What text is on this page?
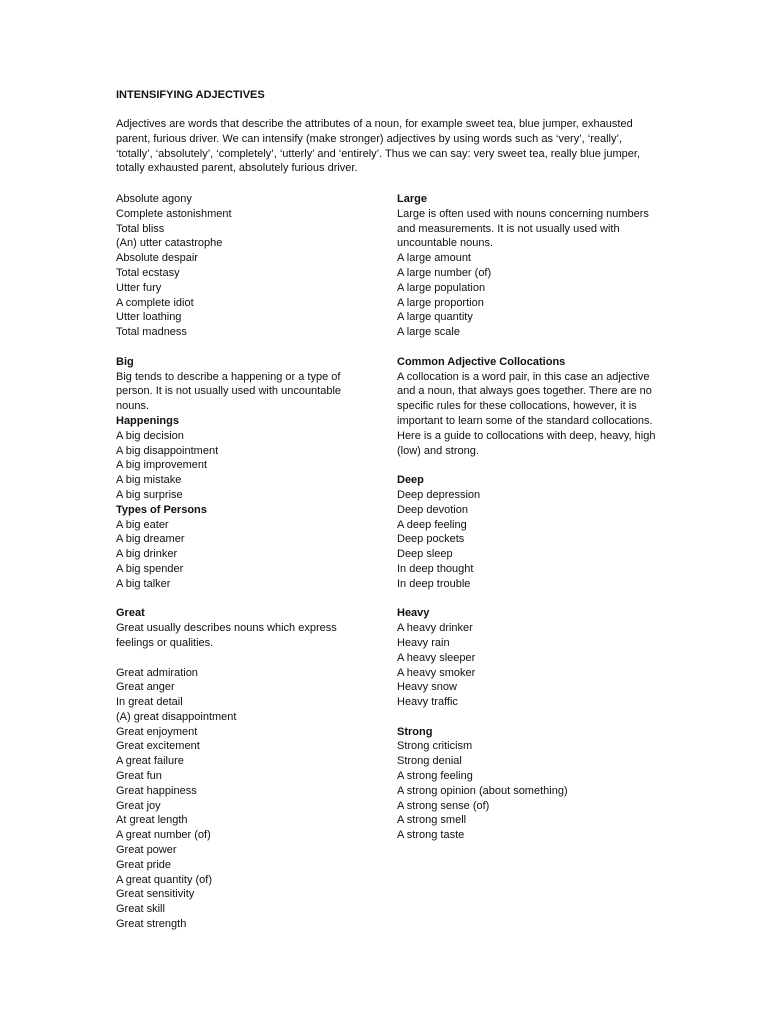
INTENSIFYING ADJECTIVES
Adjectives are words that describe the attributes of a noun, for example sweet tea, blue jumper, exhausted parent, furious driver. We can intensify (make stronger) adjectives by using words such as ‘very’, ‘really’, ‘totally’, ‘absolutely’, ‘completely’, ‘utterly’ and ‘entirely’. Thus we can say: very sweet tea, really blue jumper, totally exhausted parent, absolutely furious driver.
Absolute agony
Complete astonishment
Total bliss
(An) utter catastrophe
Absolute despair
Total ecstasy
Utter fury
A complete idiot
Utter loathing
Total madness
Big
Big tends to describe a happening or a type of person. It is not usually used with uncountable nouns.
Happenings
A big decision
A big disappointment
A big improvement
A big mistake
A big surprise
Types of Persons
A big eater
A big dreamer
A big drinker
A big spender
A big talker
Great
Great usually describes nouns which express feelings or qualities.
Great admiration
Great anger
In great detail
(A) great disappointment
Great enjoyment
Great excitement
A great failure
Great fun
Great happiness
Great joy
At great length
A great number (of)
Great power
Great pride
A great quantity (of)
Great sensitivity
Great skill
Great strength
Large
Large is often used with nouns concerning numbers and measurements. It is not usually used with uncountable nouns.
A large amount
A large number (of)
A large population
A large proportion
A large quantity
A large scale
Common Adjective Collocations
A collocation is a word pair, in this case an adjective and a noun, that always goes together. There are no specific rules for these collocations, however, it is important to learn some of the standard collocations. Here is a guide to collocations with deep, heavy, high (low) and strong.
Deep
Deep depression
Deep devotion
A deep feeling
Deep pockets
Deep sleep
In deep thought
In deep trouble
Heavy
A heavy drinker
Heavy rain
A heavy sleeper
A heavy smoker
Heavy snow
Heavy traffic
Strong
Strong criticism
Strong denial
A strong feeling
A strong opinion (about something)
A strong sense (of)
A strong smell
A strong taste
